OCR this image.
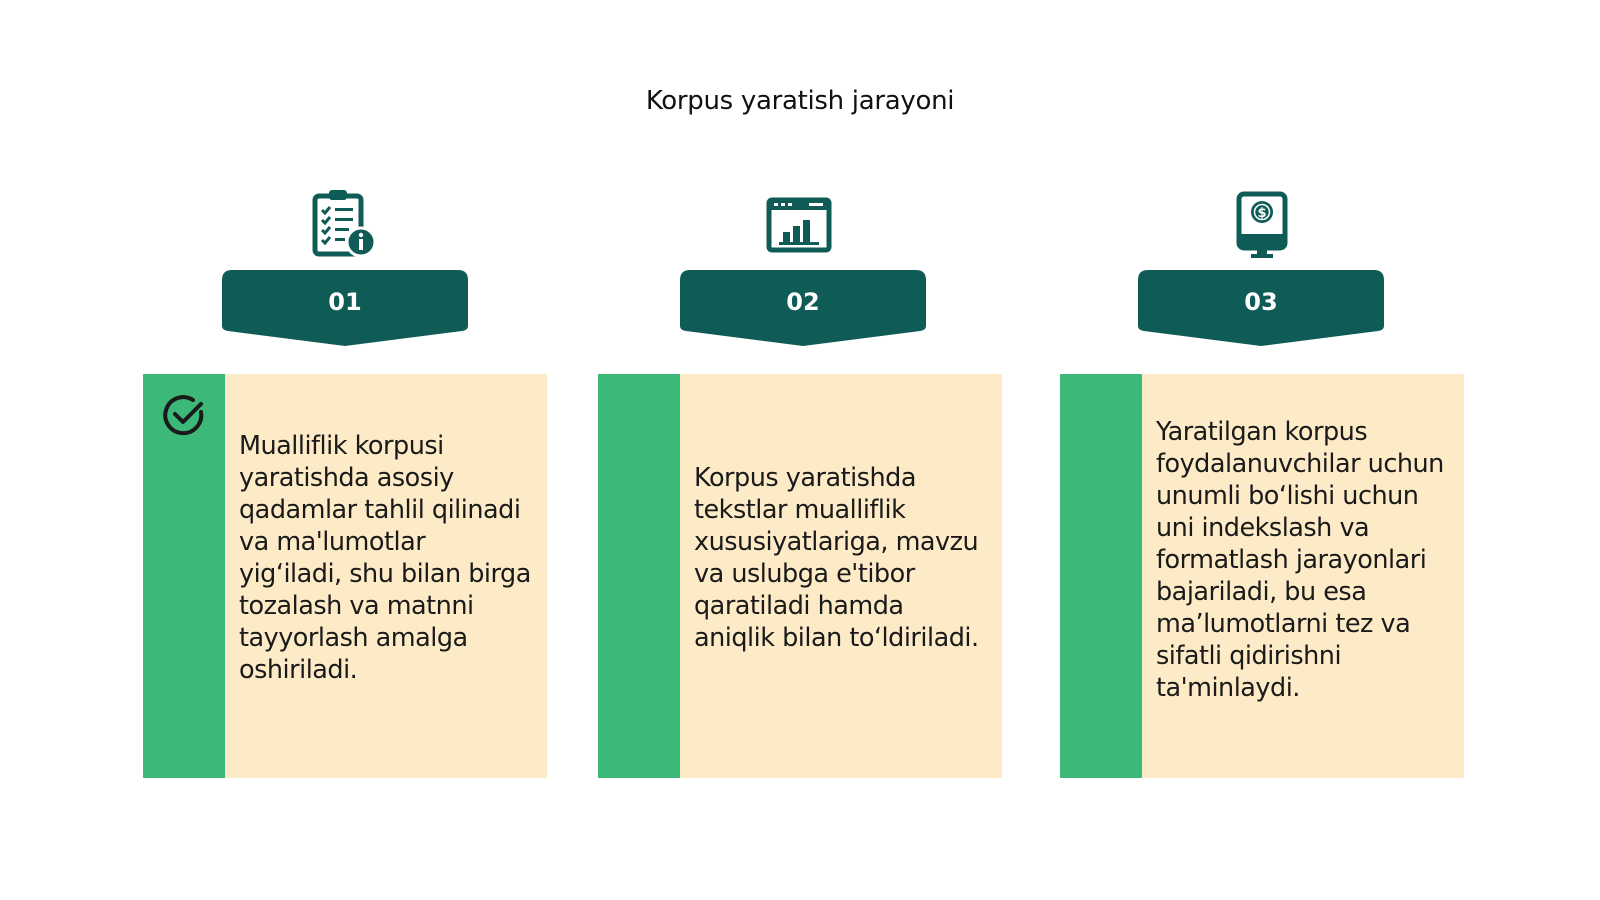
Korpus yaratish jarayoni
01
Mualliflik korpusi yaratishda asosiy qadamlar tahlil qilinadi va ma'lumotlar yig‘iladi, shu bilan birga tozalash va matnni tayyorlash amalga oshiriladi.
02
Korpus yaratishda tekstlar mualliflik xususiyatlariga, mavzu va uslubga e'tibor qaratiladi hamda aniqlik bilan to‘ldiriladi.
$
03
Yaratilgan korpus foydalanuvchilar uchun unumli bo‘lishi uchun uni indekslash va formatlash jarayonlari bajariladi, bu esa ma’lumotlarni tez va sifatli qidirishni ta'minlaydi.
